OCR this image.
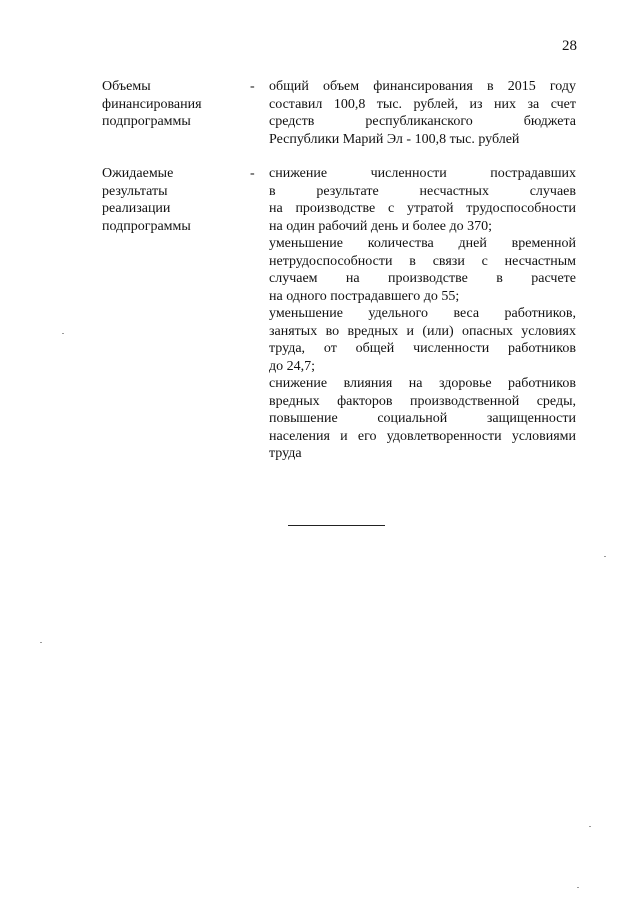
28
Объемы
финансирования
подпрограммы
- общий объем финансирования в 2015 году
составил 100,8 тыс. рублей, из них за счет
средств республиканского бюджета
Республики Марий Эл - 100,8 тыс. рублей
Ожидаемые
результаты
реализации
подпрограммы
- снижение численности пострадавших
в результате несчастных случаев
на производстве с утратой трудоспособности
на один рабочий день и более до 370;
уменьшение количества дней временной
нетрудоспособности в связи с несчастным
случаем на производстве в расчете
на одного пострадавшего до 55;
уменьшение удельного веса работников,
занятых во вредных и (или) опасных условиях
труда, от общей численности работников
до 24,7;
снижение влияния на здоровье работников
вредных факторов производственной среды,
повышение социальной защищенности
населения и его удовлетворенности условиями
труда
